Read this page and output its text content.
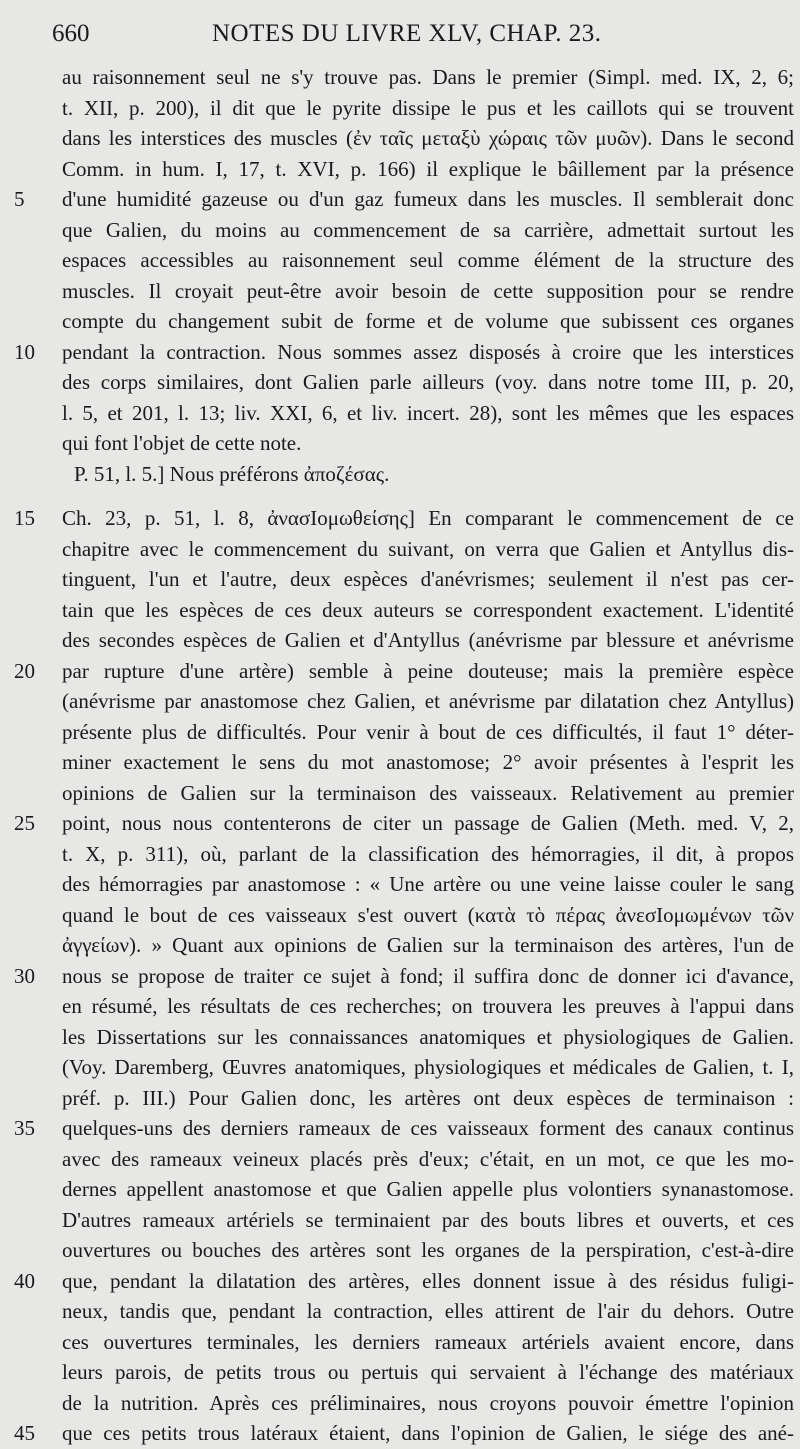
660	NOTES DU LIVRE XLV, CHAP. 23.
au raisonnement seul ne s'y trouve pas. Dans le premier (Simpl. med. IX, 2, 6;
t. XII, p. 200), il dit que le pyrite dissipe le pus et les caillots qui se trouvent
dans les interstices des muscles (ἐν ταῖς μεταξὺ χώραις τῶν μυῶν). Dans le second
Comm. in hum. I, 17, t. XVI, p. 166) il explique le bâillement par la présence
5	d'une humidité gazeuse ou d'un gaz fumeux dans les muscles. Il semblerait donc
que Galien, du moins au commencement de sa carrière, admettait surtout les
espaces accessibles au raisonnement seul comme élément de la structure des
muscles. Il croyait peut-être avoir besoin de cette supposition pour se rendre
compte du changement subit de forme et de volume que subissent ces organes
10	pendant la contraction. Nous sommes assez disposés à croire que les interstices
des corps similaires, dont Galien parle ailleurs (voy. dans notre tome III, p. 20,
l. 5, et 201, l. 13; liv. XXI, 6, et liv. incert. 28), sont les mêmes que les espaces
qui font l'objet de cette note.
P. 51, l. 5.] Nous préférons ἀποζέσας.
15	Ch. 23, p. 51, l. 8, ἀνασΙομωθείσης] En comparant le commencement de ce
chapitre avec le commencement du suivant, on verra que Galien et Antyllus dis-
tinguent, l'un et l'autre, deux espèces d'anévrismes; seulement il n'est pas cer-
tain que les espèces de ces deux auteurs se correspondent exactement. L'identité
des secondes espèces de Galien et d'Antyllus (anévrisme par blessure et anévrisme
20	par rupture d'une artère) semble à peine douteuse; mais la première espèce
(anévrisme par anastomose chez Galien, et anévrisme par dilatation chez Antyllus)
présente plus de difficultés. Pour venir à bout de ces difficultés, il faut 1° déter-
miner exactement le sens du mot anastomose; 2° avoir présentes à l'esprit les
opinions de Galien sur la terminaison des vaisseaux. Relativement au premier
25	point, nous nous contenterons de citer un passage de Galien (Meth. med. V, 2,
t. X, p. 311), où, parlant de la classification des hémorragies, il dit, à propos
des hémorragies par anastomose : « Une artère ou une veine laisse couler le sang
quand le bout de ces vaisseaux s'est ouvert (κατὰ τὸ πέρας ἀνεσΙομωμένων τῶν
ἀγγείων). » Quant aux opinions de Galien sur la terminaison des artères, l'un de
30	nous se propose de traiter ce sujet à fond; il suffira donc de donner ici d'avance,
en résumé, les résultats de ces recherches; on trouvera les preuves à l'appui dans
les Dissertations sur les connaissances anatomiques et physiologiques de Galien.
(Voy. Daremberg, Œuvres anatomiques, physiologiques et médicales de Galien, t. I,
préf. p. III.) Pour Galien donc, les artères ont deux espèces de terminaison :
35	quelques-uns des derniers rameaux de ces vaisseaux forment des canaux continus
avec des rameaux veineux placés près d'eux; c'était, en un mot, ce que les mo-
dernes appellent anastomose et que Galien appelle plus volontiers synanastomose.
D'autres rameaux artériels se terminaient par des bouts libres et ouverts, et ces
ouvertures ou bouches des artères sont les organes de la perspiration, c'est-à-dire
40	que, pendant la dilatation des artères, elles donnent issue à des résidus fuligi-
neux, tandis que, pendant la contraction, elles attirent de l'air du dehors. Outre
ces ouvertures terminales, les derniers rameaux artériels avaient encore, dans
leurs parois, de petits trous ou pertuis qui servaient à l'échange des matériaux
de la nutrition. Après ces préliminaires, nous croyons pouvoir émettre l'opinion
45	que ces petits trous latéraux étaient, dans l'opinion de Galien, le siége des ané-
